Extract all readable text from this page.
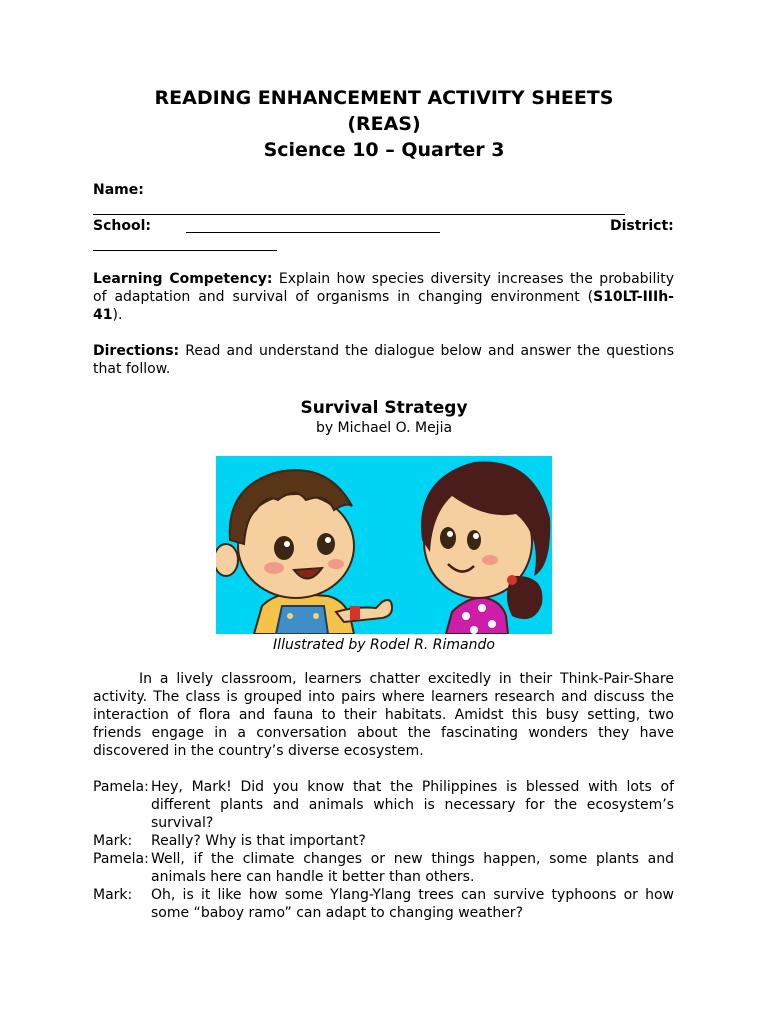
READING ENHANCEMENT ACTIVITY SHEETS
(REAS)
Science 10 – Quarter 3
Name:
School:	District:
Learning Competency: Explain how species diversity increases the probability
of adaptation and survival of organisms in changing environment (S10LT-IIIh-
41).
Directions: Read and understand the dialogue below and answer the questions
that follow.
Survival Strategy
by Michael O. Mejia
Illustrated by Rodel R. Rimando
In a lively classroom, learners chatter excitedly in their Think-Pair-Share
activity. The class is grouped into pairs where learners research and discuss the
interaction of flora and fauna to their habitats. Amidst this busy setting, two
friends engage in a conversation about the fascinating wonders they have
discovered in the country’s diverse ecosystem.
Pamela: Hey, Mark! Did you know that the Philippines is blessed with lots of
different plants and animals which is necessary for the ecosystem’s
survival?
Mark: Really? Why is that important?
Pamela: Well, if the climate changes or new things happen, some plants and
animals here can handle it better than others.
Mark: Oh, is it like how some Ylang-Ylang trees can survive typhoons or how
some “baboy ramo” can adapt to changing weather?
